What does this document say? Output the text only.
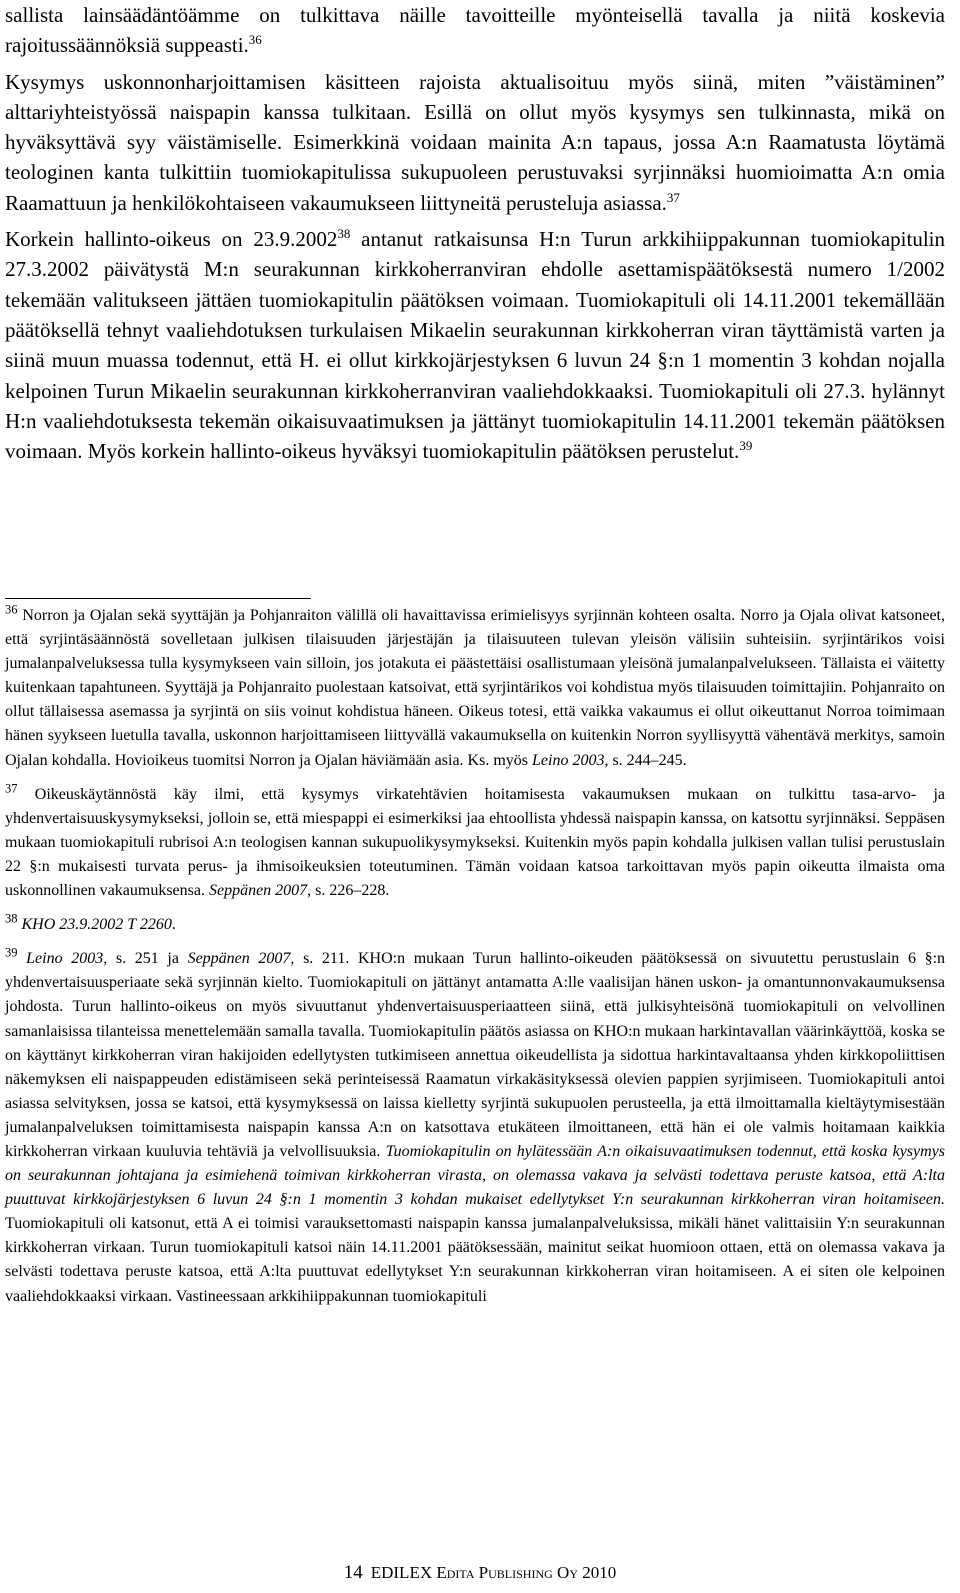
sallista lainsäädäntöämme on tulkittava näille tavoitteille myönteisellä tavalla ja niitä koskevia rajoitussäännöksiä suppeasti.$^{36}$

Kysymys uskonnonharjoittamisen käsitteen rajoista aktualisoituu myös siinä, miten ”väistäminen” alttariyhteistyössä naispapin kanssa tulkitaan. Esillä on ollut myös kysymys sen tulkinnasta, mikä on hyväksyttävä syy väistämiselle. Esimerkkinä voidaan mainita A:n tapaus, jossa A:n Raamatusta löytämä teologinen kanta tulkittiin tuomiokapitulissa sukupuoleen perustuvaksi syrjinnäksi huomioimatta A:n omia Raamattuun ja henkilökohtaiseen vakaumukseen liittyneitä perusteluja asiassa.$^{37}$

Korkein hallinto-oikeus on 23.9.2002$^{38}$ antanut ratkaisunsa H:n Turun arkkihiippakunnan tuomiokapitulin 27.3.2002 päivätystä M:n seurakunnan kirkkoherranviran ehdolle asettamispäätöksestä numero 1/2002 tekemään valitukseen jättäen tuomiokapitulin päätöksen voimaan. Tuomiokapituli oli 14.11.2001 tekemällään päätöksellä tehnyt vaaliehdotuksen turkulaisen Mikaelin seurakunnan kirkkoherran viran täyttämistä varten ja siinä muun muassa todennut, että H. ei ollut kirkkojärjestyksen 6 luvun 24 §:n 1 momentin 3 kohdan nojalla kelpoinen Turun Mikaelin seurakunnan kirkkoherranviran vaaliehdokkaaksi. Tuomiokapituli oli 27.3. hylännyt H:n vaaliehdotuksesta tekemän oikaisuvaatimuksen ja jättänyt tuomiokapitulin 14.11.2001 tekemän päätöksen voimaan. Myös korkein hallinto-oikeus hyväksyi tuomiokapitulin päätöksen perustelut.$^{39}$

$^{36}$ Norron ja Ojalan sekä syyttäjän ja Pohjanraiton välillä oli havaittavissa erimielisyys syrjinnän kohteen osalta. Norro ja Ojala olivat katsoneet, että syrjintäsäännöstä sovelletaan julkisen tilaisuuden järjestäjän ja tilaisuuteen tulevan yleisön välisiin suhteisiin. syrjintärikos voisi jumalanpalveluksessa tulla kysymykseen vain silloin, jos jotakuta ei päästettäisi osallistumaan yleisönä jumalanpalvelukseen. Tällaista ei väitetty kuitenkaan tapahtuneen. Syyttäjä ja Pohjanraito puolestaan katsoivat, että syrjintärikos voi kohdistua myös tilaisuuden toimittajiin. Pohjanraito on ollut tällaisessa asemassa ja syrjintä on siis voinut kohdistua häneen. Oikeus totesi, että vaikka vakaumus ei ollut oikeuttanut Norroa toimimaan hänen syykseen luetulla tavalla, uskonnon harjoittamiseen liittyvällä vakaumuksella on kuitenkin Norron syyllisyyttä vähentävä merkitys, samoin Ojalan kohdalla. Hovioikeus tuomitsi Norron ja Ojalan häviämään asia. Ks. myös Leino 2003, s. 244–245.

$^{37}$ Oikeuskäytännöstä käy ilmi, että kysymys virkatehtävien hoitamisesta vakaumuksen mukaan on tulkittu tasa-arvo- ja yhdenvertaisuuskysymykseksi, jolloin se, että miespappi ei esimerkiksi jaa ehtoollista yhdessä naispapin kanssa, on katsottu syrjinnäksi. Seppäsen mukaan tuomiokapituli rubrisoi A:n teologisen kannan sukupuolikysymykseksi. Kuitenkin myös papin kohdalla julkisen vallan tulisi perustuslain 22 §:n mukaisesti turvata perus- ja ihmisoikeuksien toteutuminen. Tämän voidaan katsoa tarkoittavan myös papin oikeutta ilmaista oma uskonnollinen vakaumuksensa. Seppänen 2007, s. 226–228.

$^{38}$ KHO 23.9.2002 T 2260.

$^{39}$ Leino 2003, s. 251 ja Seppänen 2007, s. 211. KHO:n mukaan Turun hallinto-oikeuden päätöksessä on sivuutettu perustuslain 6 §:n yhdenvertaisuusperiaate sekä syrjinnän kielto. Tuomiokapituli on jättänyt antamatta A:lle vaalisijan hänen uskon- ja omantunnonvakaumuksensa johdosta. Turun hallinto-oikeus on myös sivuuttanut yhdenvertaisuusperiaatteen siinä, että julkisyhteisönä tuomiokapituli on velvollinen samanlaisissa tilanteissa menettelemään samalla tavalla. Tuomiokapitulin päätös asiassa on KHO:n mukaan harkintavallan väärinkäyttöä, koska se on käyttänyt kirkkoherran viran hakijoiden edellytysten tutkimiseen annettua oikeudellista ja sidottua harkintavaltaansa yhden kirkkopoliittisen näkemyksen eli naispappeuden edistämiseen sekä perinteisessä Raamatun virkakäsityksessä olevien pappien syrjimiseen. Tuomiokapituli antoi asiassa selvityksen, jossa se katsoi, että kysymyksessä on laissa kielletty syrjintä sukupuolen perusteella, ja että ilmoittamalla kieltäytymisestään jumalanpalveluksen toimittamisesta naispapin kanssa A:n on katsottava etukäteen ilmoittaneen, että hän ei ole valmis hoitamaan kaikkia kirkkoherran virkaan kuuluvia tehtäviä ja velvollisuuksia. Tuomiokapitulin on hylätessään A:n oikaisuvaatimuksen todennut, että koska kysymys on seurakunnan johtajana ja esimiehenä toimivan kirkkoherran virasta, on olemassa vakava ja selvästi todettava peruste katsoa, että A:lta puuttuvat kirkkojärjestyksen 6 luvun 24 §:n 1 momentin 3 kohdan mukaiset edellytykset Y:n seurakunnan kirkkoherran viran hoitamiseen. Tuomiokapituli oli katsonut, että A ei toimisi varauksettomasti naispapin kanssa jumalanpalveluksissa, mikäli hänet valittaisiin Y:n seurakunnan kirkkoherran virkaan. Turun tuomiokapituli katsoi näin 14.11.2001 päätöksessään, mainitut seikat huomioon ottaen, että on olemassa vakava ja selvästi todettava peruste katsoa, että A:lta puuttuvat edellytykset Y:n seurakunnan kirkkoherran viran hoitamiseen. A ei siten ole kelpoinen vaaliehdokkaaksi virkaan. Vastineessaan arkkihiippakunnan tuomiokapituli

14 EDILEX Edita Publishing Oy 2010
